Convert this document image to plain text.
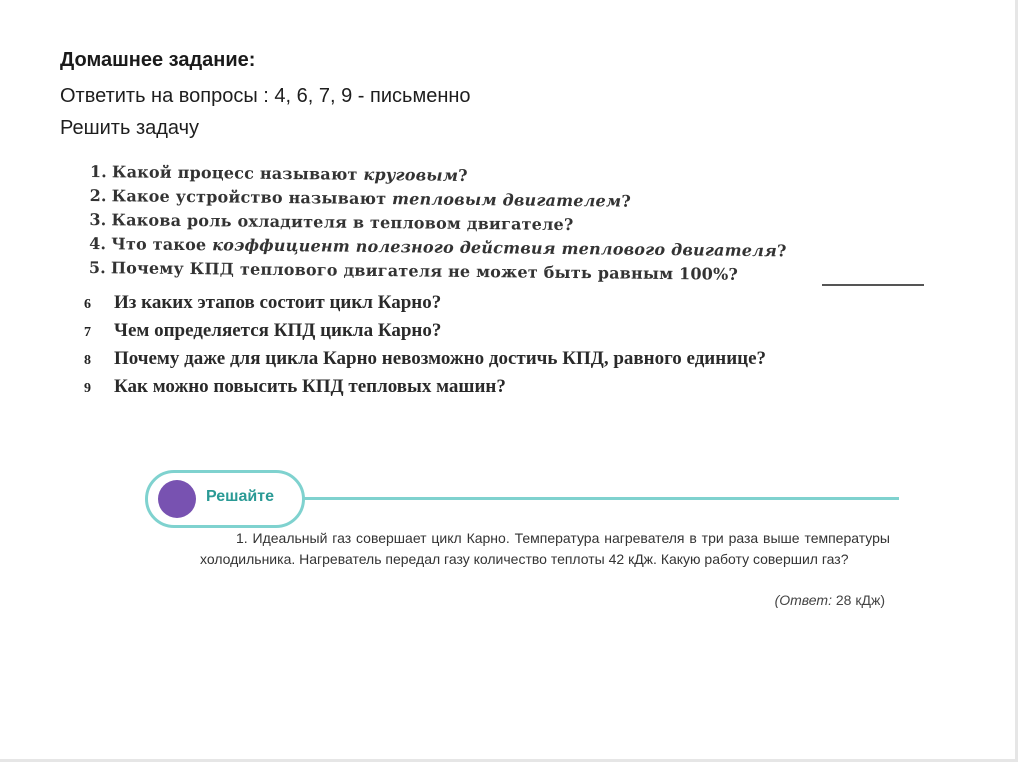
Домашнее задание:

Ответить на вопросы : 4, 6, 7, 9 - письменно

Решить задачу

1. Какой процесс называют круговым ?
2. Какое устройство называют тепловым двигателем ?
3. Какова роль охладителя в тепловом двигателе?
4. Что такое коэффициент полезного действия теплового двигателя ?
5. Почему КПД теплового двигателя не может быть равным 100%?
6	Из каких этапов состоит цикл Карно?
7	Чем определяется КПД цикла Карно?
8	Почему даже для цикла Карно невозможно достичь КПД, равного единице?
9	Как можно повысить КПД тепловых машин?
Решайте
1. Идеальный газ совершает цикл Карно. Температура нагревателя в три раза выше температуры холодильника. Нагреватель передал газу количество теплоты 42 кДж. Какую работу совершил газ?
(Ответ: 28 кДж)
